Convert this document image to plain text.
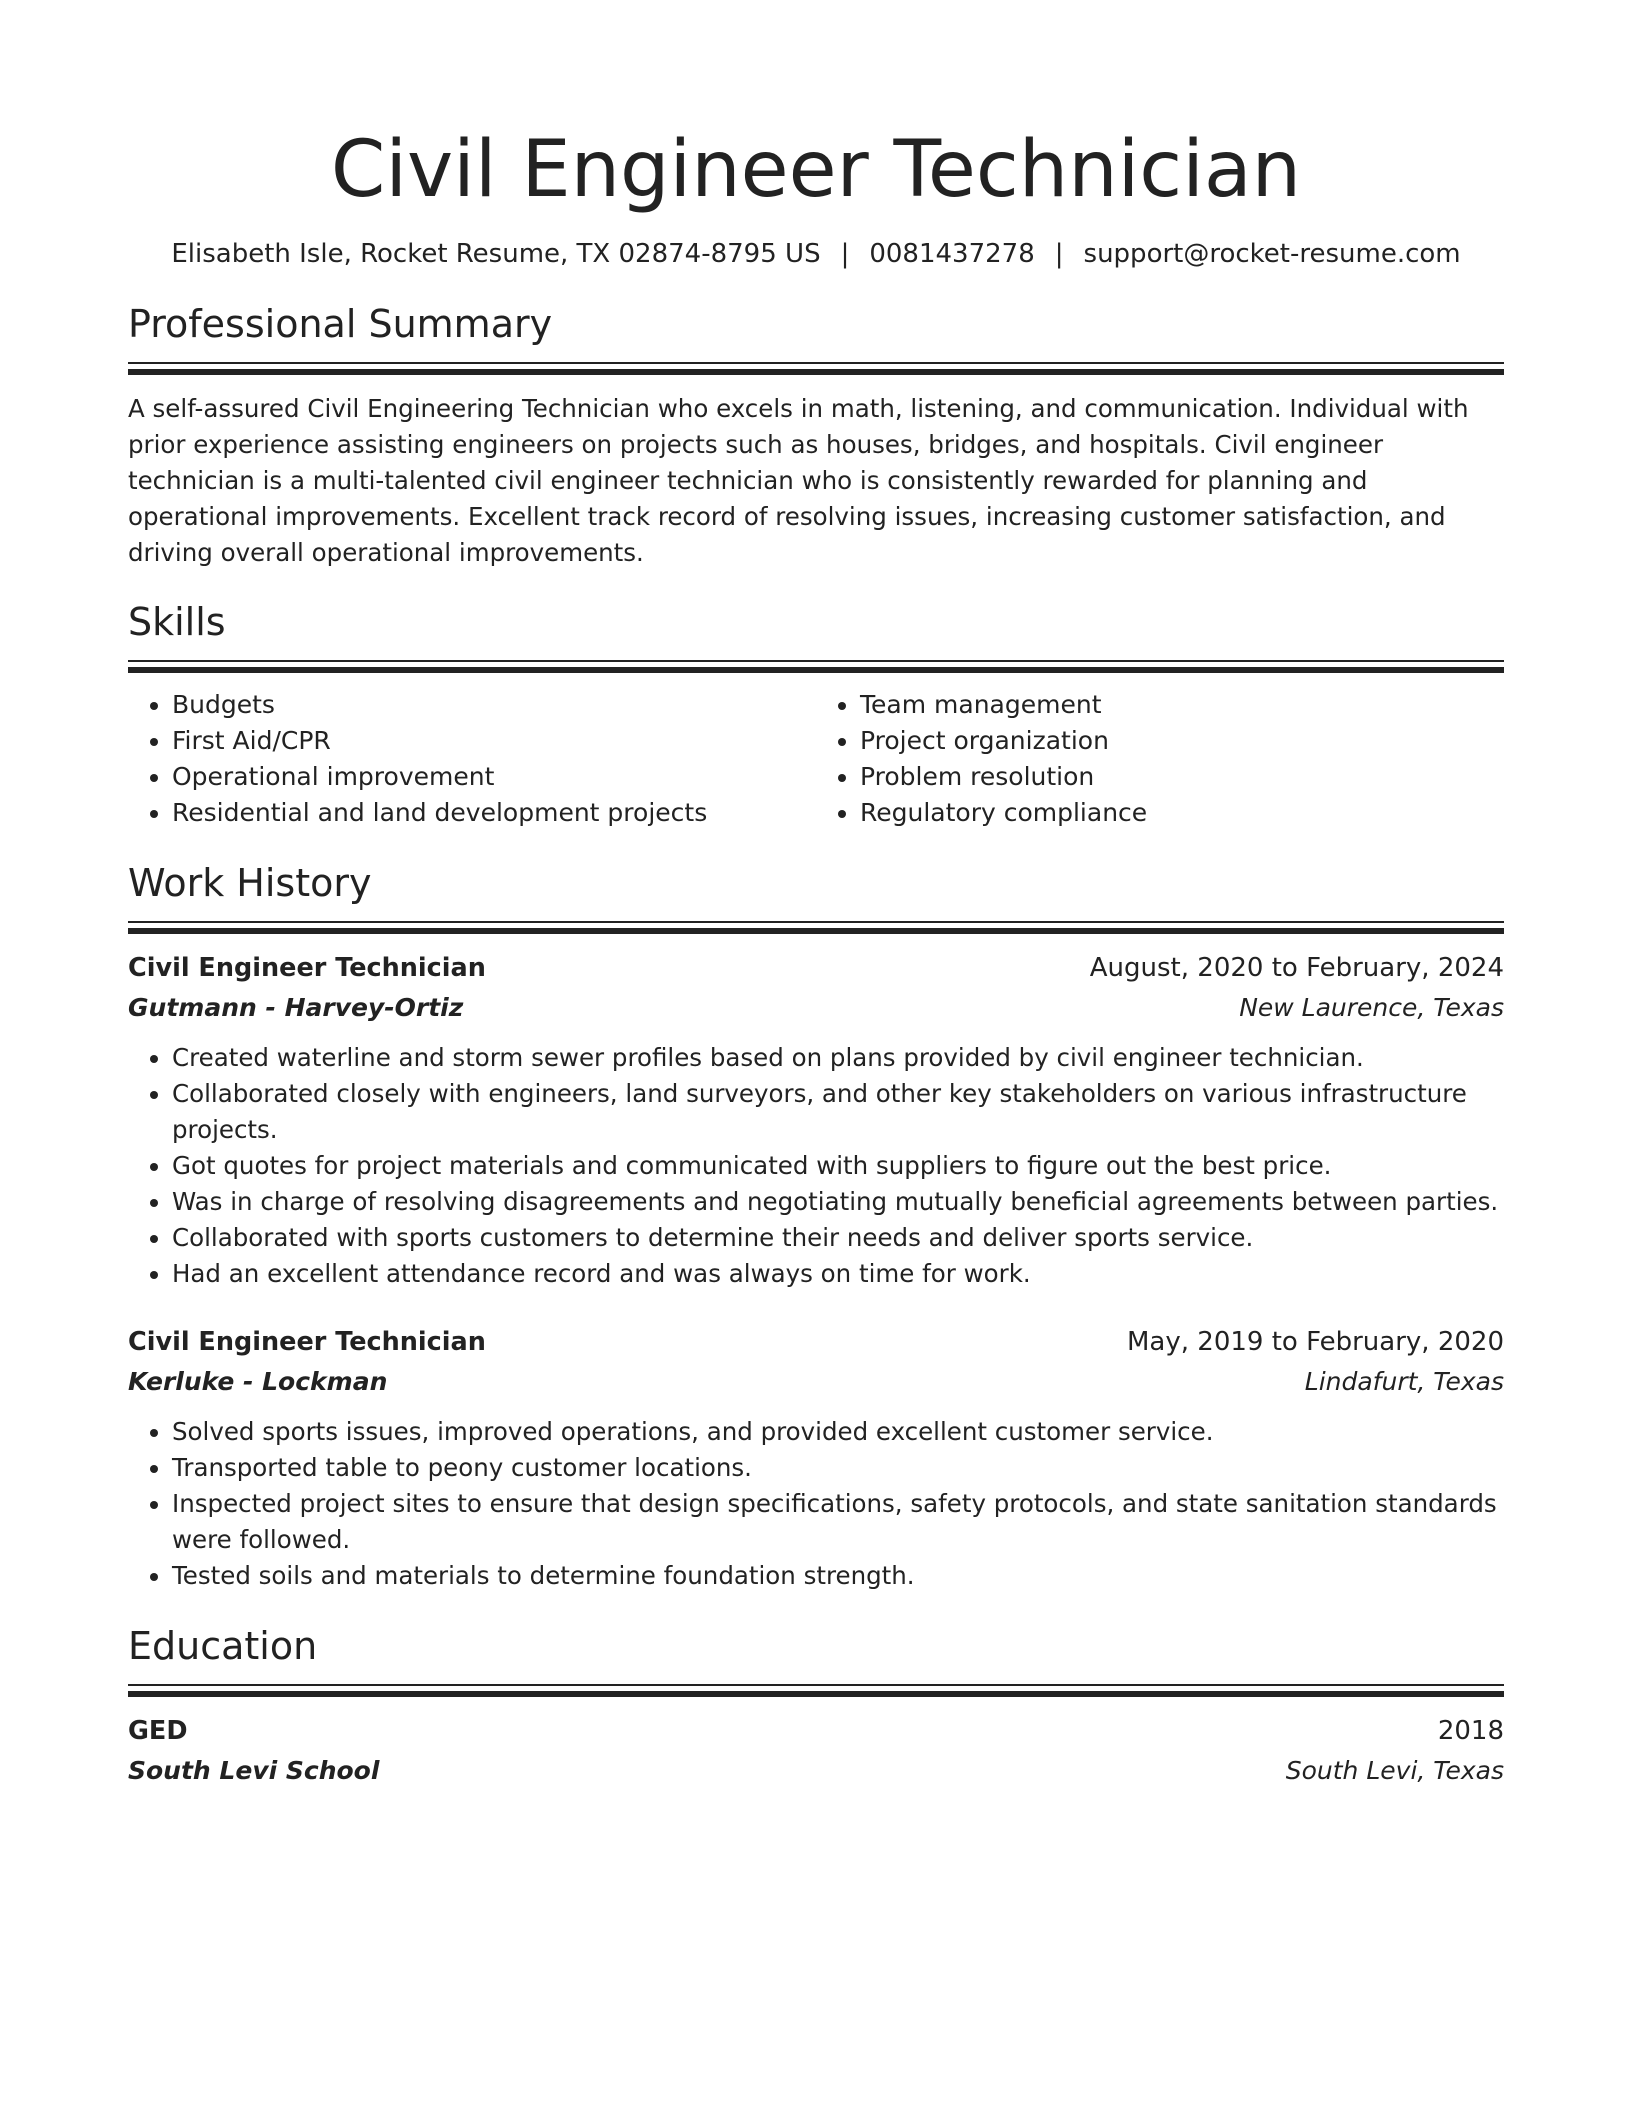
Civil Engineer Technician
Elisabeth Isle, Rocket Resume, TX 02874-8795 US | 0081437278 | support@rocket-resume.com
Professional Summary

A self-assured Civil Engineering Technician who excels in math, listening, and communication. Individual with prior experience assisting engineers on projects such as houses, bridges, and hospitals. Civil engineer technician is a multi-talented civil engineer technician who is consistently rewarded for planning and operational improvements. Excellent track record of resolving issues, increasing customer satisfaction, and driving overall operational improvements.

Skills
• Budgets
• First Aid/CPR
• Operational improvement
• Residential and land development projects
• Team management
• Project organization
• Problem resolution
• Regulatory compliance
Work History
Civil Engineer Technician	August, 2020 to February, 2024
Gutmann - Harvey-Ortiz	New Laurence, Texas
• Created waterline and storm sewer profiles based on plans provided by civil engineer technician.
• Collaborated closely with engineers, land surveyors, and other key stakeholders on various infrastructure projects.
• Got quotes for project materials and communicated with suppliers to figure out the best price.
• Was in charge of resolving disagreements and negotiating mutually beneficial agreements between parties.
• Collaborated with sports customers to determine their needs and deliver sports service.
• Had an excellent attendance record and was always on time for work.
Civil Engineer Technician	May, 2019 to February, 2020
Kerluke - Lockman	Lindafurt, Texas
• Solved sports issues, improved operations, and provided excellent customer service.
• Transported table to peony customer locations.
• Inspected project sites to ensure that design specifications, safety protocols, and state sanitation standards were followed.
• Tested soils and materials to determine foundation strength.
Education
GED	2018
South Levi School	South Levi, Texas
